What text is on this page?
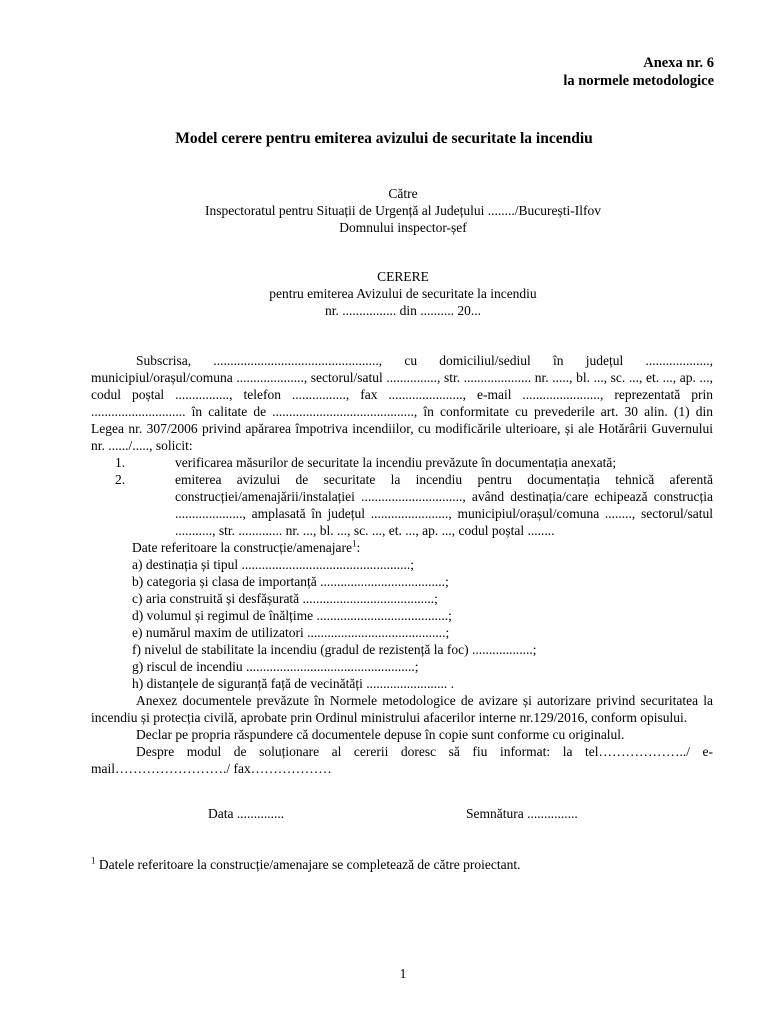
Anexa nr. 6
la normele metodologice
Model cerere pentru emiterea avizului de securitate la incendiu
Către
Inspectoratul pentru Situații de Urgență al Județului ......../București-Ilfov
Domnului inspector-șef
CERERE
pentru emiterea Avizului de securitate la incendiu
nr. ................ din .......... 20...
Subscrisa, ................................................., cu domiciliul/sediul în județul ..................., municipiul/orașul/comuna ...................., sectorul/satul ..............., str. .................... nr. ....., bl. ..., sc. ..., et. ..., ap. ..., codul poștal ................, telefon ................, fax ......................, e-mail ......................., reprezentată prin ............................ în calitate de .........................................., în conformitate cu prevederile art. 30 alin. (1) din Legea nr. 307/2006 privind apărarea împotriva incendiilor, cu modificările ulterioare, și ale Hotărârii Guvernului nr. ....../....., solicit:
1.	verificarea măsurilor de securitate la incendiu prevăzute în documentația anexată;
2.	emiterea avizului de securitate la incendiu pentru documentația tehnică aferentă construcției/amenajării/instalației .............................., având destinația/care echipează construcția ...................., amplasată în județul ......................., municipiul/orașul/comuna ........, sectorul/satul ..........., str. ............. nr. ..., bl. ..., sc. ..., et. ..., ap. ..., codul poștal ........
Date referitoare la construcție/amenajare$^1$:
a) destinația și tipul ..................................................;
b) categoria și clasa de importanță .....................................;
c) aria construită și desfășurată .......................................;
d) volumul și regimul de înălțime .......................................;
e) numărul maxim de utilizatori .........................................;
f) nivelul de stabilitate la incendiu (gradul de rezistență la foc) ..................;
g) riscul de incendiu ..................................................;
h) distanțele de siguranță față de vecinătăți ........................ .
Anexez documentele prevăzute în Normele metodologice de avizare și autorizare privind securitatea la incendiu și protecția civilă, aprobate prin Ordinul ministrului afacerilor interne nr.129/2016, conform opisului.
Declar pe propria răspundere că documentele depuse în copie sunt conforme cu originalul.
Despre modul de soluționare al cererii doresc să fiu informat: la tel………………../ e-mail……………………./ fax………………
Data ..............	Semnătura ...............
$^1$ Datele referitoare la construcție/amenajare se completează de către proiectant.
1
